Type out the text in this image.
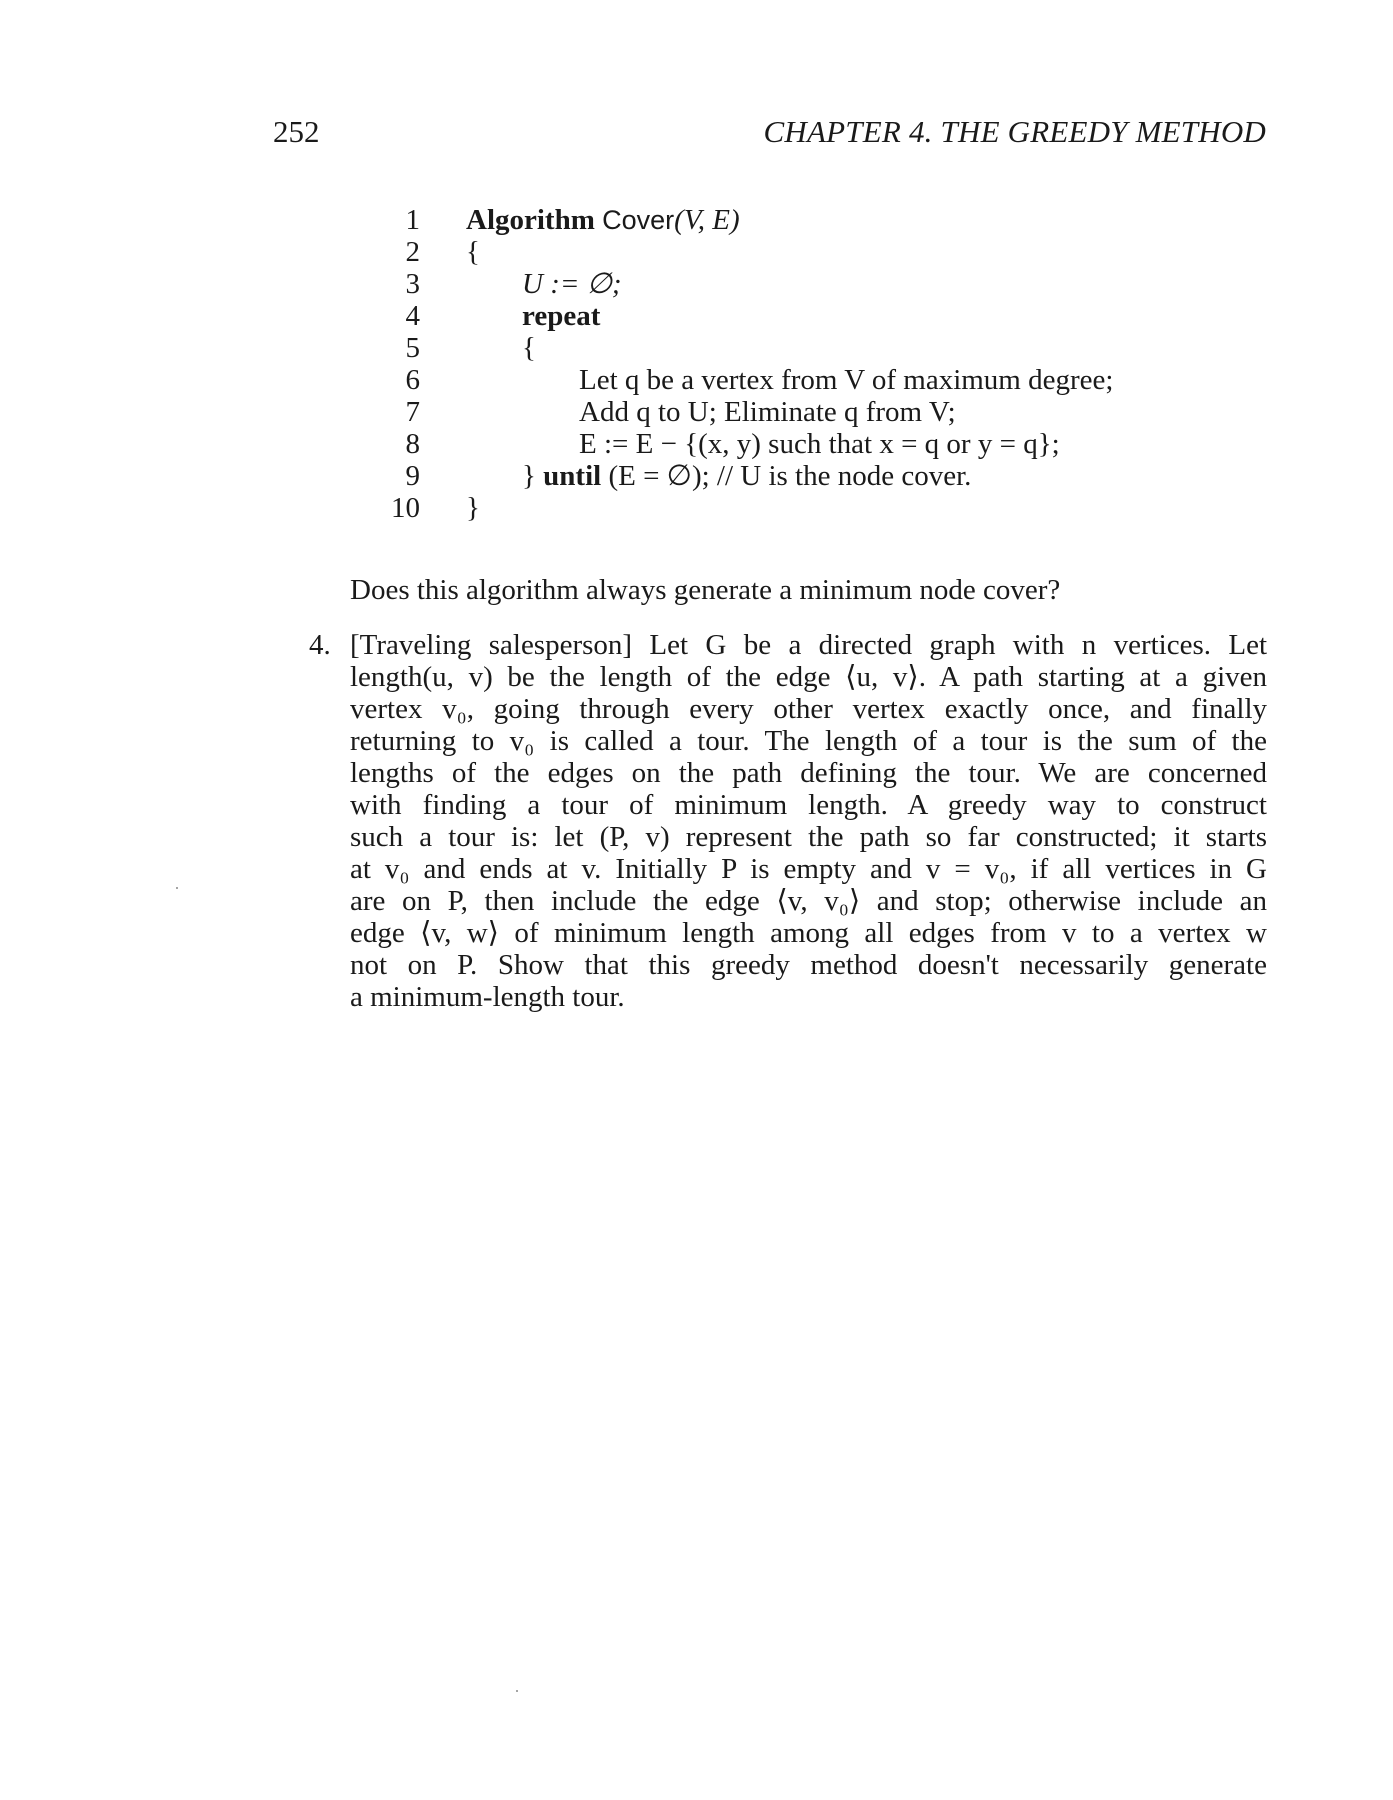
252	CHAPTER 4. THE GREEDY METHOD
1 Algorithm Cover(V, E)
2 {
3	U := ∅;
4	repeat
5	{
6	Let q be a vertex from V of maximum degree;
7	Add q to U; Eliminate q from V;
8	E := E − {(x, y) such that x = q or y = q};
9	} until (E = ∅); // U is the node cover.
10 }
Does this algorithm always generate a minimum node cover?
4. [Traveling salesperson] Let G be a directed graph with n vertices. Let
length(u, v) be the length of the edge ⟨u, v⟩. A path starting at a given
vertex v₀, going through every other vertex exactly once, and finally
returning to v₀ is called a tour. The length of a tour is the sum of the
lengths of the edges on the path defining the tour. We are concerned
with finding a tour of minimum length. A greedy way to construct
such a tour is: let (P, v) represent the path so far constructed; it starts
at v₀ and ends at v. Initially P is empty and v = v₀, if all vertices in G
are on P, then include the edge ⟨v, v₀⟩ and stop; otherwise include an
edge ⟨v, w⟩ of minimum length among all edges from v to a vertex w
not on P. Show that this greedy method doesn't necessarily generate
a minimum-length tour.
